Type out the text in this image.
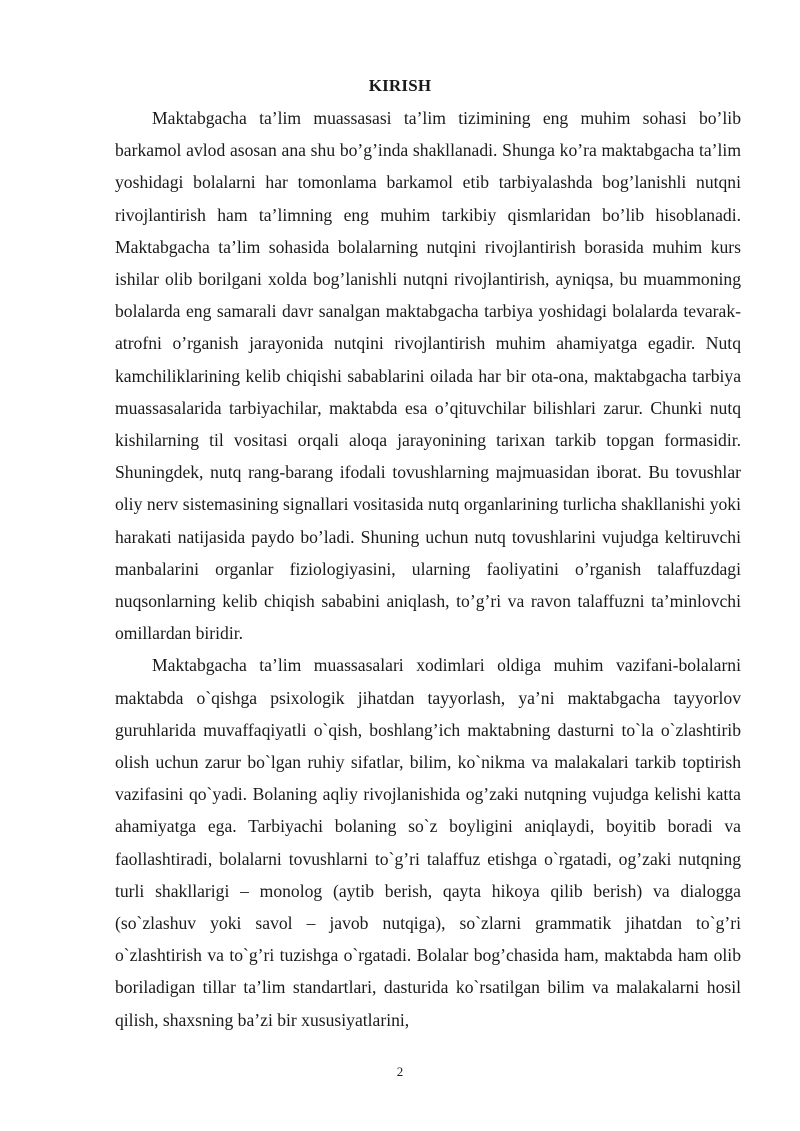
KIRISH

Maktabgacha ta’lim muassasasi ta’lim tizimining eng muhim sohasi bo’lib barkamol avlod asosan ana shu bo’g’inda shakllanadi. Shunga ko’ra maktabgacha ta’lim yoshidagi bolalarni har tomonlama barkamol etib tarbiyalashda bog’lanishli nutqni rivojlantirish ham ta’limning eng muhim tarkibiy qismlaridan bo’lib hisoblanadi. Maktabgacha ta’lim sohasida bolalarning nutqini rivojlantirish borasida muhim kurs ishilar olib borilgani xolda bog’lanishli nutqni rivojlantirish, ayniqsa, bu muammoning bolalarda eng samarali davr sanalgan maktabgacha tarbiya yoshidagi bolalarda tevarak-atrofni o’rganish jarayonida nutqini rivojlantirish muhim ahamiyatga egadir. Nutq kamchiliklarining kelib chiqishi sabablarini oilada har bir ota-ona, maktabgacha tarbiya muassasalarida tarbiyachilar, maktabda esa o’qituvchilar bilishlari zarur. Chunki nutq kishilarning til vositasi orqali aloqa jarayonining tarixan tarkib topgan formasidir. Shuningdek, nutq rang-barang ifodali tovushlarning majmuasidan iborat. Bu tovushlar oliy nerv sistemasining signallari vositasida nutq organlarining turlicha shakllanishi yoki harakati natijasida paydo bo’ladi. Shuning uchun nutq tovushlarini vujudga keltiruvchi manbalarini organlar fiziologiyasini, ularning faoliyatini o’rganish talaffuzdagi nuqsonlarning kelib chiqish sababini aniqlash, to’g’ri va ravon talaffuzni ta’minlovchi omillardan biridir.

Maktabgacha ta’lim muassasalari xodimlari oldiga muhim vazifani-bolalarni maktabda o`qishga psixologik jihatdan tayyorlash, ya’ni maktabgacha tayyorlov guruhlarida muvaffaqiyatli o`qish, boshlang’ich maktabning dasturni to`la o`zlashtirib olish uchun zarur bo`lgan ruhiy sifatlar, bilim, ko`nikma va malakalari tarkib toptirish vazifasini qo`yadi. Bolaning aqliy rivojlanishida og’zaki nutqning vujudga kelishi katta ahamiyatga ega. Tarbiyachi bolaning so`z boyligini aniqlaydi, boyitib boradi va faollashtiradi, bolalarni tovushlarni to`g’ri talaffuz etishga o`rgatadi, og’zaki nutqning turli shakllarigi – monolog (aytib berish, qayta hikoya qilib berish) va dialogga (so`zlashuv yoki savol – javob nutqiga), so`zlarni grammatik jihatdan to`g’ri o`zlashtirish va to`g’ri tuzishga o`rgatadi. Bolalar bog’chasida ham, maktabda ham olib boriladigan tillar ta’lim standartlari, dasturida ko`rsatilgan bilim va malakalarni hosil qilish, shaxsning ba’zi bir xususiyatlarini,

2
